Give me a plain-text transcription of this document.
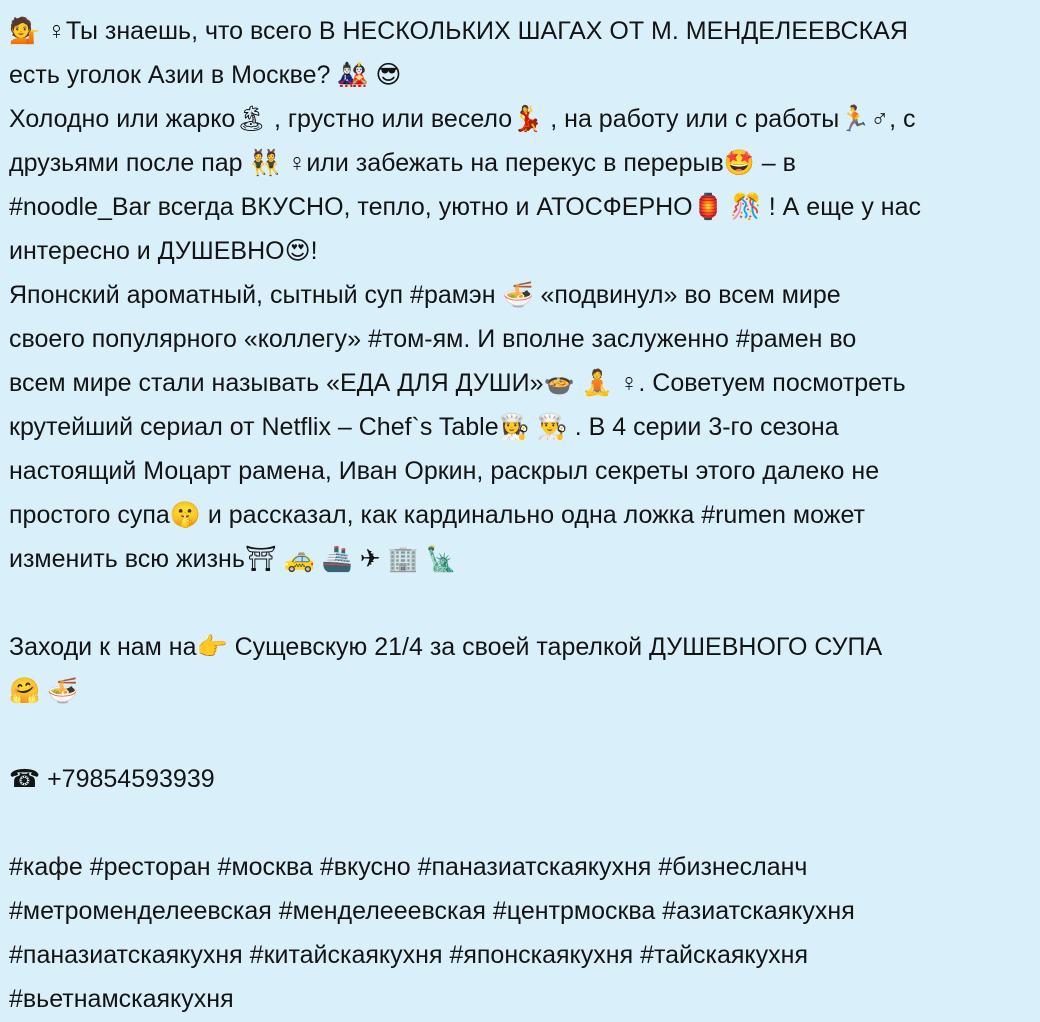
💁 ♀Ты знаешь, что всего В НЕСКОЛЬКИХ ШАГАХ ОТ М. МЕНДЕЛЕЕВСКАЯ
есть уголок Азии в Москве? 🎎 😎
Холодно или жарко🏝 , грустно или весело💃 , на работу или с работы🏃♂, с
друзьями после пар 👯 ♀или забежать на перекус в перерыв🤩 – в
#noodle_Bar всегда ВКУСНО, тепло, уютно и АТОСФЕРНО🏮 🎊 ! А еще у нас
интересно и ДУШЕВНО😍!
Японский ароматный, сытный суп #рамэн 🍜 «подвинул» во всем мире
своего популярного «коллегу» #том-ям. И вполне заслуженно #рамен во
всем мире стали называть «ЕДА ДЛЯ ДУШИ»🍲 🧘 ♀. Советуем посмотреть
крутейший сериал от Netflix – Chef`s Table👩‍🍳 👨‍🍳 . В 4 серии 3-го сезона
настоящий Моцарт рамена, Иван Оркин, раскрыл секреты этого далеко не
простого супа🤫 и рассказал, как кардинально одна ложка #rumen может
изменить всю жизнь⛩ 🚕 🚢 ✈ 🏢 🗽
Заходи к нам на👉 Сущевскую 21/4 за своей тарелкой ДУШЕВНОГО СУПА
🤗 🍜
☎ +79854593939
#кафе #ресторан #москва #вкусно #паназиатскаякухня #бизнесланч
#метроменделеевская #менделееевская #центрмосква #азиатскаякухня
#паназиатскаякухня #китайскаякухня #японскаякухня #тайскаякухня
#вьетнамскаякухня
